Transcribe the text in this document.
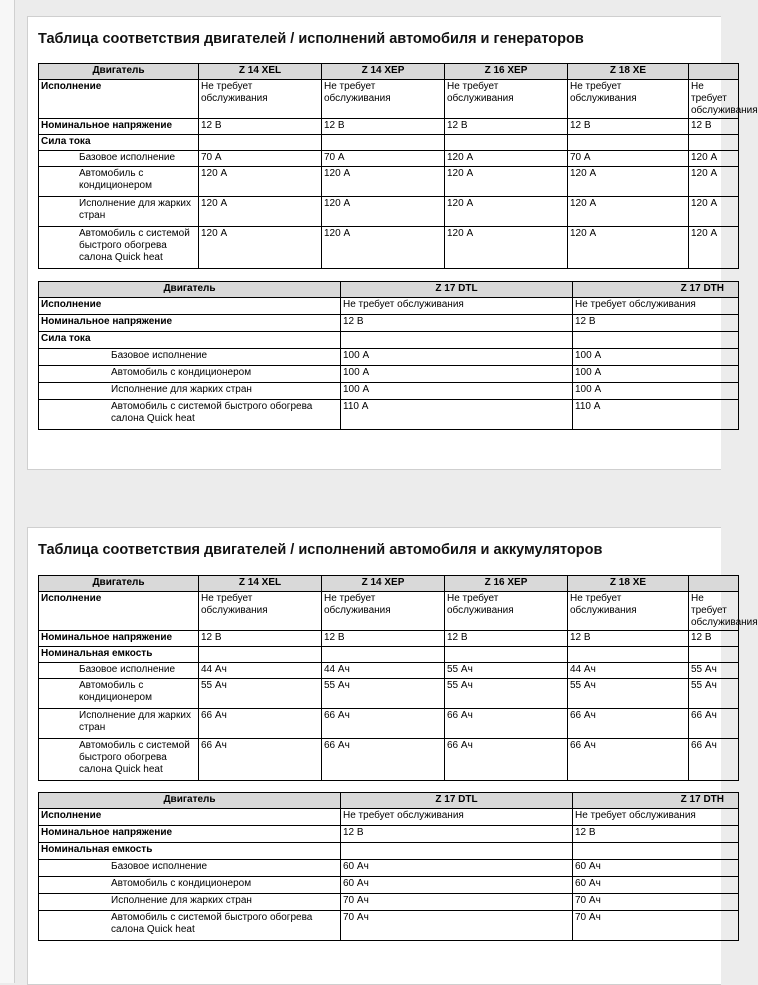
Таблица соответствия двигателей / исполнений автомобиля и генераторов
Двигатель	Z 14 XEL	Z 14 XEP	Z 16 XEP	Z 18 XE	
Исполнение	Не требует обслуживания	Не требует обслуживания	Не требует обслуживания	Не требует обслуживания	Не требует обслуживания
Номинальное напряжение	12 В	12 В	12 В	12 В	12 В
Сила тока					
Базовое исполнение	70 А	70 А	120 А	70 А	120 А
Автомобиль с кондиционером	120 А	120 А	120 А	120 А	120 А
Исполнение для жарких стран	120 А	120 А	120 А	120 А	120 А
Автомобиль с системой быстрого обогрева салона Quick heat	120 А	120 А	120 А	120 А	120 А
Двигатель	Z 17 DTL	Z 17 DTH
Исполнение	Не требует обслуживания	Не требует обслуживания
Номинальное напряжение	12 В	12 В
Сила тока		
Базовое исполнение	100 А	100 А
Автомобиль с кондиционером	100 А	100 А
Исполнение для жарких стран	100 А	100 А
Автомобиль с системой быстрого обогрева салона Quick heat	110 А	110 А
Таблица соответствия двигателей / исполнений автомобиля и аккумуляторов
Двигатель	Z 14 XEL	Z 14 XEP	Z 16 XEP	Z 18 XE	
Исполнение	Не требует обслуживания	Не требует обслуживания	Не требует обслуживания	Не требует обслуживания	Не требует обслуживания
Номинальное напряжение	12 В	12 В	12 В	12 В	12 В
Номинальная емкость					
Базовое исполнение	44 Ач	44 Ач	55 Ач	44 Ач	55 Ач
Автомобиль с кондиционером	55 Ач	55 Ач	55 Ач	55 Ач	55 Ач
Исполнение для жарких стран	66 Ач	66 Ач	66 Ач	66 Ач	66 Ач
Автомобиль с системой быстрого обогрева салона Quick heat	66 Ач	66 Ач	66 Ач	66 Ач	66 Ач
Двигатель	Z 17 DTL	Z 17 DTH
Исполнение	Не требует обслуживания	Не требует обслуживания
Номинальное напряжение	12 В	12 В
Номинальная емкость		
Базовое исполнение	60 Ач	60 Ач
Автомобиль с кондиционером	60 Ач	60 Ач
Исполнение для жарких стран	70 Ач	70 Ач
Автомобиль с системой быстрого обогрева салона Quick heat	70 Ач	70 Ач
